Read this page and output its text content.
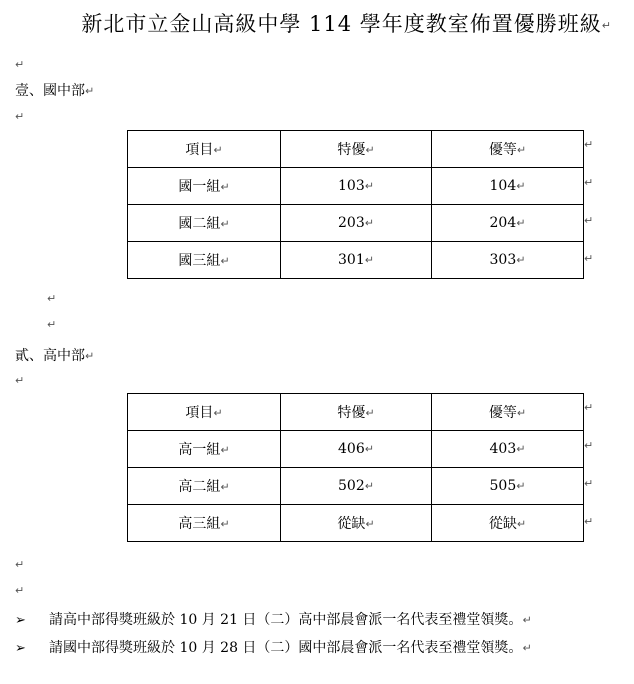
新北市立金山高級中學 114 學年度教室佈置優勝班級↵
↵
壹、國中部↵
↵
項目↵	特優↵	優等↵
國一組↵	103↵	104↵
國二組↵	203↵	204↵
國三組↵	301↵	303↵
↵
↵
↵
↵
↵
↵
貳、高中部↵
↵
項目↵	特優↵	優等↵
高一組↵	406↵	403↵
高二組↵	502↵	505↵
高三組↵	從缺↵	從缺↵
↵
↵
↵
↵
↵
↵
➢ 請高中部得獎班級於 10 月 21 日（二）高中部晨會派一名代表至禮堂領獎。↵
➢ 請國中部得獎班級於 10 月 28 日（二）國中部晨會派一名代表至禮堂領獎。↵
